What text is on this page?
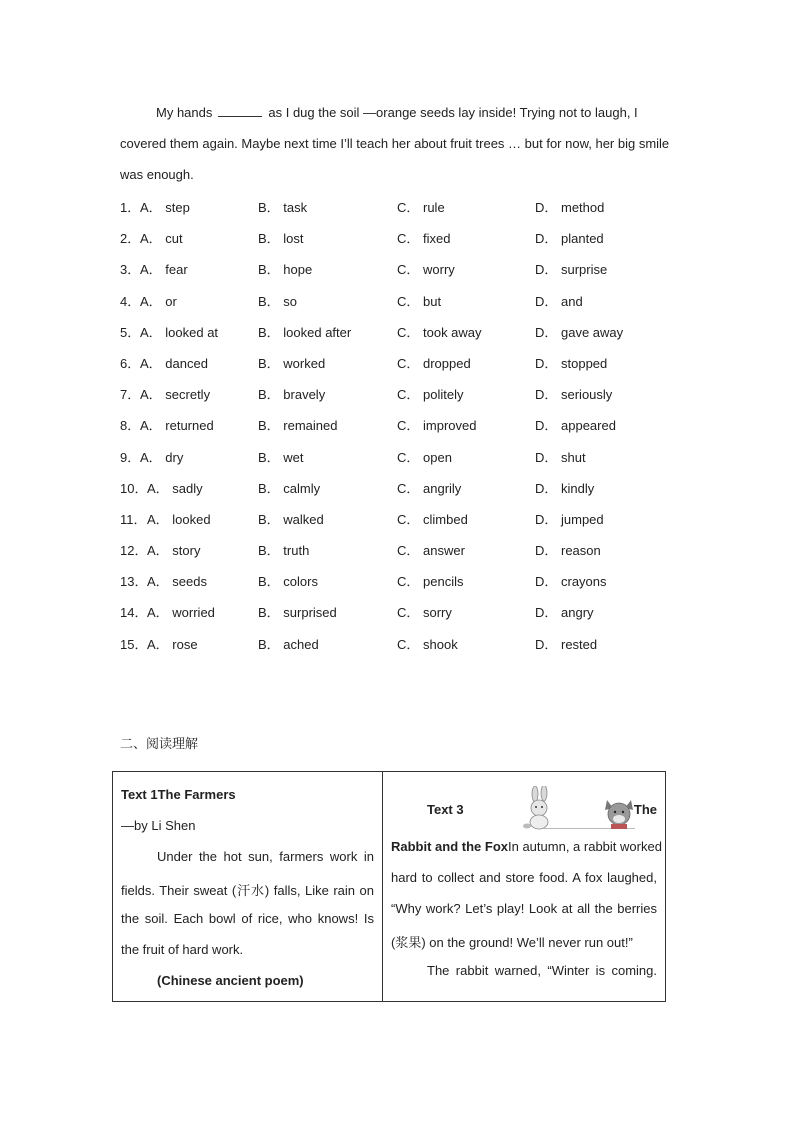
My hands	as I dug the soil —orange seeds lay inside! Trying not to laugh, I
covered them again. Maybe next time I’ll teach her about fruit trees … but for now, her big smile
was enough.
1． A． step	B． task	C． rule	D． method
2． A． cut	B． lost	C． fixed	D． planted
3． A． fear	B． hope	C． worry	D． surprise
4． A． or	B． so	C． but	D． and
5． A． looked at	B． looked after	C． took away	D． gave away
6． A． danced	B． worked	C． dropped	D． stopped
7． A． secretly	B． bravely	C． politely	D． seriously
8． A． returned	B． remained	C． improved	D． appeared
9． A． dry	B． wet	C． open	D． shut
10． A． sadly	B． calmly	C． angrily	D． kindly
11． A． looked	B． walked	C． climbed	D． jumped
12． A． story	B． truth	C． answer	D． reason
13． A． seeds	B． colors	C． pencils	D． crayons
14． A． worried	B． surprised	C． sorry	D． angry
15． A． rose	B． ached	C． shook	D． rested
二、阅读理解
Text 1The Farmers
—by Li Shen
Under the hot sun, farmers work in
fields. Their sweat (汗水) falls, Like rain on
the soil. Each bowl of rice, who knows! Is
the fruit of hard work.
(Chinese ancient poem)

Text 3	The
Rabbit and the FoxIn autumn, a rabbit worked
hard to collect and store food. A fox laughed,
“Why work? Let’s play! Look at all the berries
(浆果) on the ground! We’ll never run out!”
The rabbit warned, “Winter is coming.
